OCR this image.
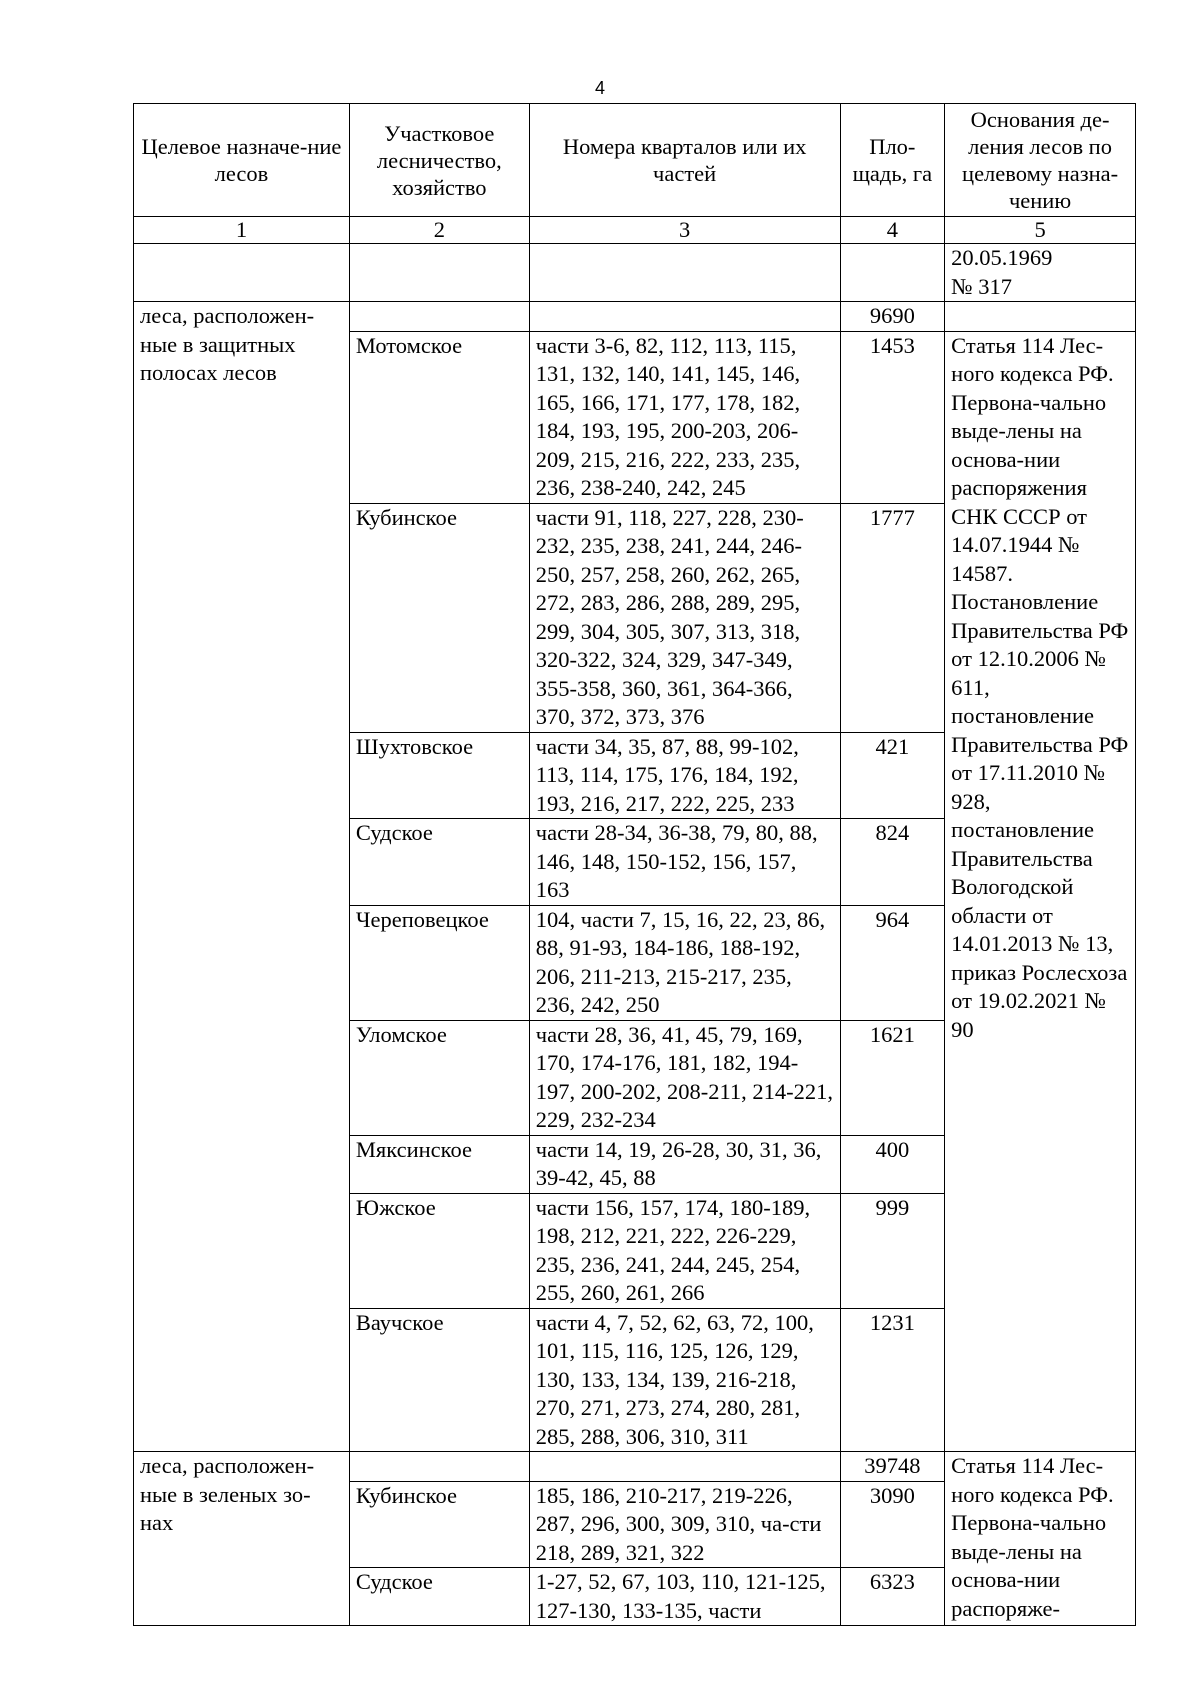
4
Целевое назначе-ние лесов	Участковое лесничество, хозяйство	Номера кварталов или их частей	Пло-щадь, га	Основания де-ления лесов по целевому назна-чению
1	2	3	4	5
				20.05.1969
№ 317
леса, расположен-ные в защитных полосах лесов			9690	
	Мотомское	части 3-6, 82, 112, 113, 115, 131, 132, 140, 141, 145, 146, 165, 166, 171, 177, 178, 182, 184, 193, 195, 200-203, 206-209, 215, 216, 222, 233, 235, 236, 238-240, 242, 245	1453	Статья 114 Лес-ного кодекса РФ. Первона-чально выде-лены на основа-нии распоряжения СНК СССР от 14.07.1944 № 14587. Постановление Правительства РФ от 12.10.2006 № 611, постановление Правительства РФ от 17.11.2010 № 928, постановление Правительства Вологодской области от 14.01.2013 № 13, приказ Рослесхоза от 19.02.2021 № 90
	Кубинское	части 91, 118, 227, 228, 230-232, 235, 238, 241, 244, 246-250, 257, 258, 260, 262, 265, 272, 283, 286, 288, 289, 295, 299, 304, 305, 307, 313, 318, 320-322, 324, 329, 347-349, 355-358, 360, 361, 364-366, 370, 372, 373, 376	1777	
	Шухтовское	части 34, 35, 87, 88, 99-102, 113, 114, 175, 176, 184, 192, 193, 216, 217, 222, 225, 233	421	
	Судское	части 28-34, 36-38, 79, 80, 88, 146, 148, 150-152, 156, 157, 163	824	
	Череповецкое	104, части 7, 15, 16, 22, 23, 86, 88, 91-93, 184-186, 188-192, 206, 211-213, 215-217, 235, 236, 242, 250	964	
	Уломское	части 28, 36, 41, 45, 79, 169, 170, 174-176, 181, 182, 194-197, 200-202, 208-211, 214-221, 229, 232-234	1621	
	Мяксинское	части 14, 19, 26-28, 30, 31, 36, 39-42, 45, 88	400	
	Южское	части 156, 157, 174, 180-189, 198, 212, 221, 222, 226-229, 235, 236, 241, 244, 245, 254, 255, 260, 261, 266	999	
	Ваучское	части 4, 7, 52, 62, 63, 72, 100, 101, 115, 116, 125, 126, 129, 130, 133, 134, 139, 216-218, 270, 271, 273, 274, 280, 281, 285, 288, 306, 310, 311	1231	
леса, расположен-ные в зеленых зо-нах			39748	Статья 114 Лес-ного кодекса РФ. Первона-чально выде-лены на основа-нии распоряже-
	Кубинское	185, 186, 210-217, 219-226, 287, 296, 300, 309, 310, ча-сти 218, 289, 321, 322	3090	
	Судское	1-27, 52, 67, 103, 110, 121-125, 127-130, 133-135, части	6323	
